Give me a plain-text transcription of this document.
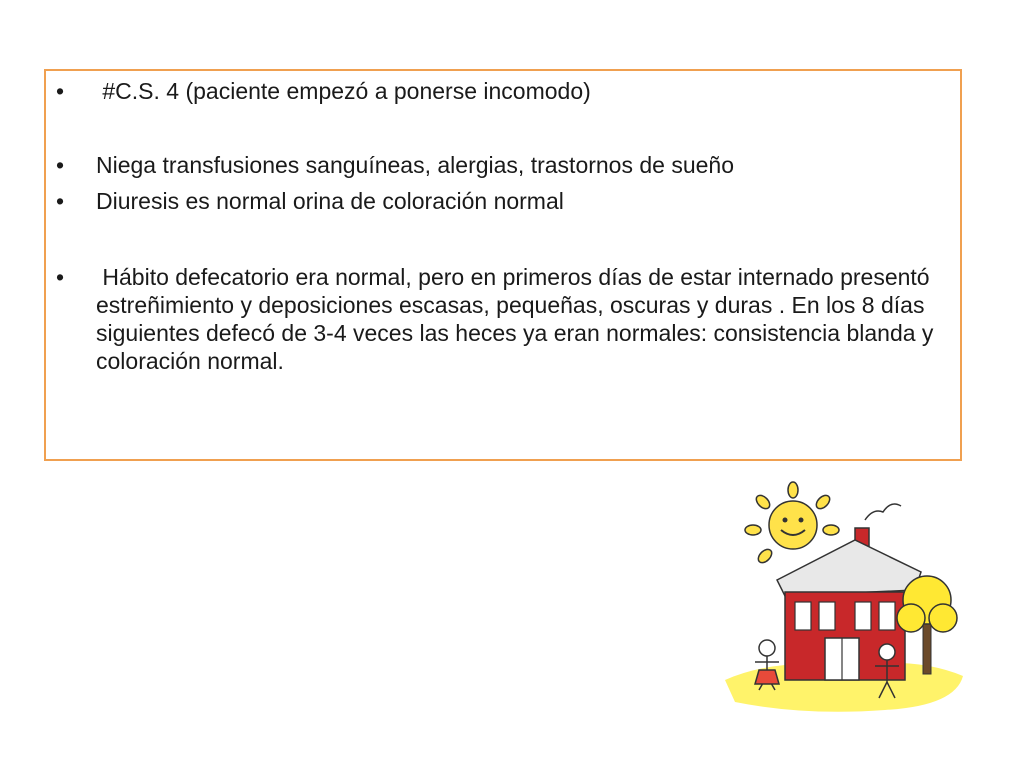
•	#C.S. 4 (paciente empezó a ponerse incomodo)
•	Niega transfusiones sanguíneas, alergias, trastornos de sueño
•	Diuresis es normal orina de coloración normal
•	Hábito defecatorio era normal, pero en primeros días de estar internado presentó estreñimiento y deposiciones escasas, pequeñas, oscuras y duras . En los 8 días siguientes defecó de 3-4 veces las heces ya eran normales: consistencia blanda y coloración normal.
